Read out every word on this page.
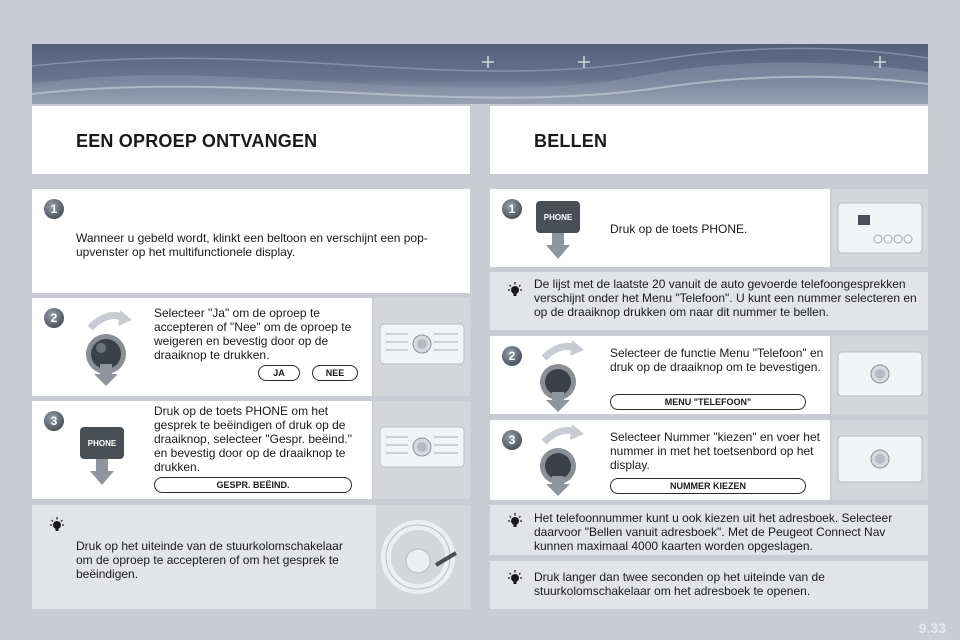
EEN OPROEP ONTVANGEN	BELLEN
1
Wanneer u gebeld wordt, klinkt een beltoon en verschijnt een pop-upvenster op het multifunctionele display.
2	Selecteer "Ja" om de oproep te accepteren of "Nee" om de oproep te weigeren en bevestig door op de draaiknop te drukken.
JA	NEE
3
PHONE
Druk op de toets PHONE om het gesprek te beëindigen of druk op de draaiknop, selecteer "Gespr. beëind." en bevestig door op de draaiknop te drukken.
GESPR. BEËIND.
Druk op het uiteinde van de stuurkolomschakelaar om de oproep te accepteren of om het gesprek te beëindigen.
1
PHONE
Druk op de toets PHONE.
De lijst met de laatste 20 vanuit de auto gevoerde telefoongesprekken verschijnt onder het Menu "Telefoon". U kunt een nummer selecteren en op de draaiknop drukken om naar dit nummer te bellen.
2	Selecteer de functie Menu "Telefoon" en druk op de draaiknop om te bevestigen.
MENU "TELEFOON"
3	Selecteer Nummer "kiezen" en voer het nummer in met het toetsenbord op het display.
NUMMER KIEZEN
Het telefoonnummer kunt u ook kiezen uit het adresboek. Selecteer daarvoor "Bellen vanuit adresboek". Met de Peugeot Connect Nav kunnen maximaal 4000 kaarten worden opgeslagen.
Druk langer dan twee seconden op het uiteinde van de stuurkolomschakelaar om het adresboek te openen.
9.33
